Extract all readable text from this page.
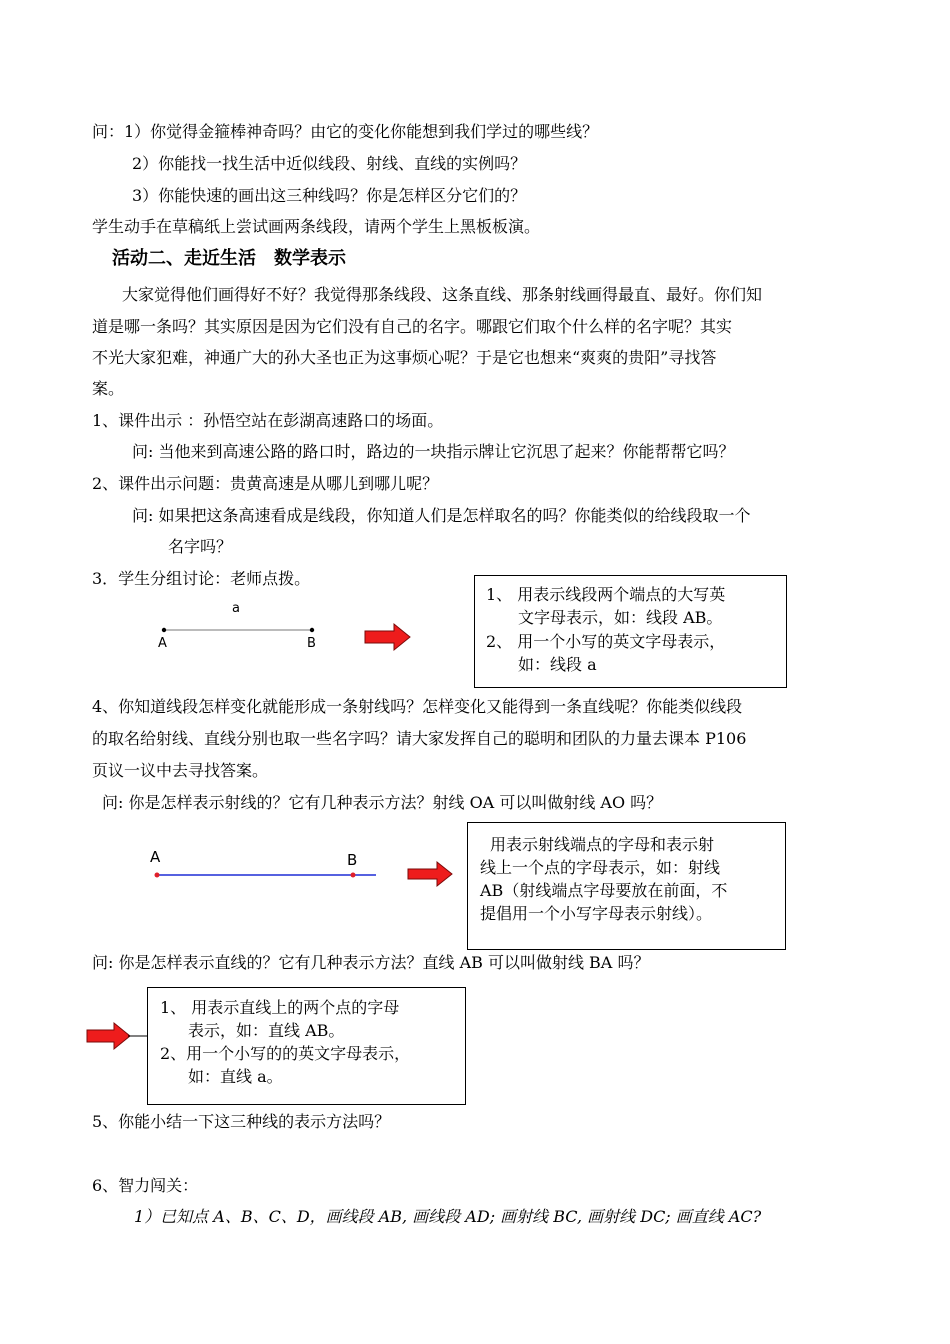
问：1）你觉得金箍棒神奇吗？由它的变化你能想到我们学过的哪些线？
2）你能找一找生活中近似线段、射线、直线的实例吗？
3）你能快速的画出这三种线吗？你是怎样区分它们的？
学生动手在草稿纸上尝试画两条线段，请两个学生上黑板板演。
活动二、走近生活　数学表示
大家觉得他们画得好不好？我觉得那条线段、这条直线、那条射线画得最直、最好。你们知
道是哪一条吗？其实原因是因为它们没有自己的名字。哪跟它们取个什么样的名字呢？其实
不光大家犯难，神通广大的孙大圣也正为这事烦心呢？于是它也想来“爽爽的贵阳”寻找答
案。
1、课件出示 ：孙悟空站在彭湖高速路口的场面。
问: 当他来到高速公路的路口时，路边的一块指示牌让它沉思了起来？你能帮帮它吗？
2、课件出示问题：贵黄高速是从哪儿到哪儿呢？
问: 如果把这条高速看成是线段，你知道人们是怎样取名的吗？你能类似的给线段取一个
名字吗？
3．学生分组讨论：老师点拨。
a
A	B
1、 用表示线段两个端点的大写英
文字母表示，如：线段 AB。
2、 用一个小写的英文字母表示，
如：线段 a
4、你知道线段怎样变化就能形成一条射线吗？怎样变化又能得到一条直线呢？你能类似线段
的取名给射线、直线分别也取一些名字吗？请大家发挥自己的聪明和团队的力量去课本 P106
页议一议中去寻找答案。
问: 你是怎样表示射线的？它有几种表示方法？射线 OA 可以叫做射线 AO 吗？
A	B
用表示射线端点的字母和表示射
线上一个点的字母表示，如：射线
AB（射线端点字母要放在前面，不
提倡用一个小写字母表示射线）。
问: 你是怎样表示直线的？它有几种表示方法？直线 AB 可以叫做射线 BA 吗？
1、 用表示直线上的两个点的字母
表示，如：直线 AB。
2、用一个小写的的英文字母表示，
如：直线 a。
5、你能小结一下这三种线的表示方法吗？
6、智力闯关：
1）已知点 A、B、C、D，画线段 AB, 画线段 AD; 画射线 BC, 画射线 DC; 画直线 AC?
